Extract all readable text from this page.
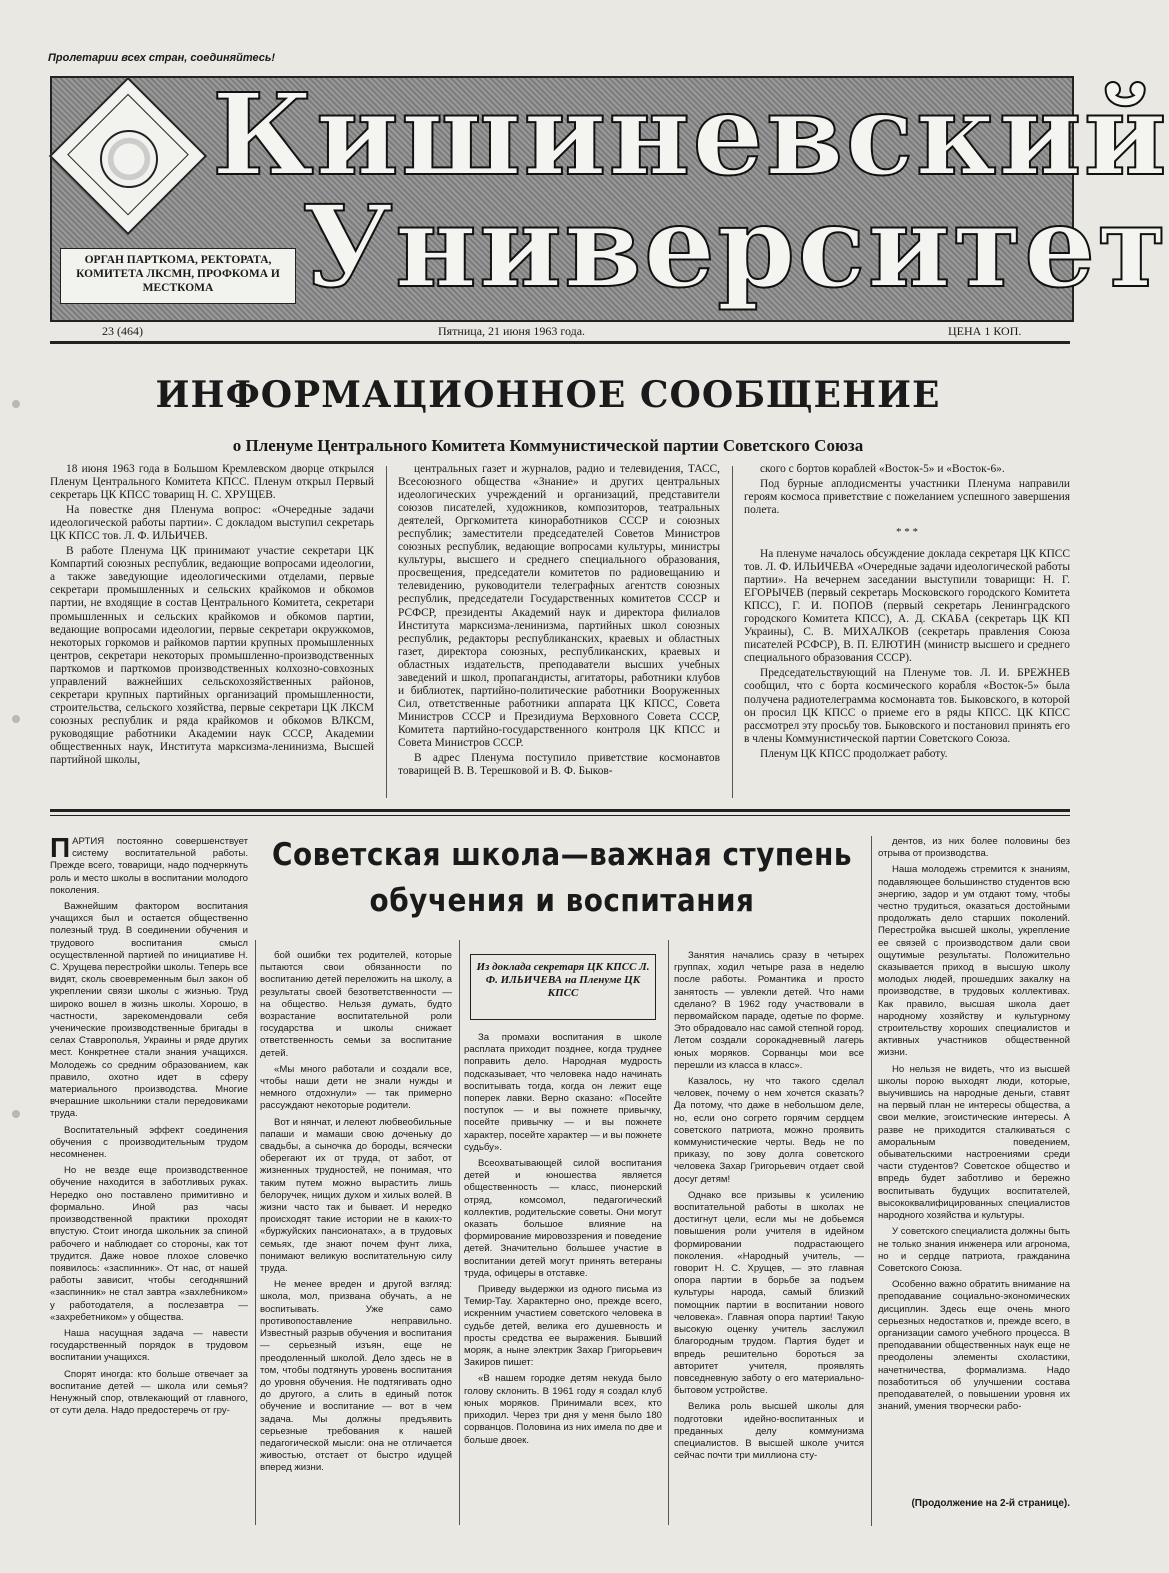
Пролетарии всех стран, соединяйтесь!
Кишиневский
Университет
ОРГАН ПАРТКОМА, РЕКТОРАТА, КОМИТЕТА ЛКСМН, ПРОФКОМА И МЕСТКОМА
23 (464)	Пятница, 21 июня 1963 года.	ЦЕНА 1 КОП.
ИНФОРМАЦИОННОЕ СООБЩЕНИЕ
о Пленуме Центрального Комитета Коммунистической партии Советского Союза

18 июня 1963 года в Большом Кремлевском дворце открылся Пленум Центрального Комитета КПСС. Пленум открыл Первый секретарь ЦК КПСС товарищ Н. С. ХРУЩЕВ.

На повестке дня Пленума вопрос: «Очередные задачи идеологической работы партии». С докладом выступил секретарь ЦК КПСС тов. Л. Ф. ИЛЬИЧЕВ.

В работе Пленума ЦК принимают участие секретари ЦК Компартий союзных республик, ведающие вопросами идеологии, а также заведующие идеологическими отделами, первые секретари промышленных и сельских крайкомов и обкомов партии, не входящие в состав Центрального Комитета, секретари промышленных и сельских крайкомов и обкомов партии, ведающие вопросами идеологии, первые секретари окружкомов, некоторых горкомов и райкомов партии крупных промышленных центров, секретари некоторых промышленно-производственных парткомов и парткомов производственных колхозно-совхозных управлений важнейших сельскохозяйственных районов, секретари крупных партийных организаций промышленности, строительства, сельского хозяйства, первые секретари ЦК ЛКСМ союзных республик и ряда крайкомов и обкомов ВЛКСМ, руководящие работники Академии наук СССР, Академии общественных наук, Института марксизма-ленинизма, Высшей партийной школы,

центральных газет и журналов, радио и телевидения, ТАСС, Всесоюзного общества «Знание» и других центральных идеологических учреждений и организаций, представители союзов писателей, художников, композиторов, театральных деятелей, Оргкомитета кинорaботников СССР и союзных республик; заместители председателей Советов Министров союзных республик, ведающие вопросами культуры, министры культуры, высшего и среднего специального образования, просвещения, председатели комитетов по радиовещанию и телевидению, руководители телеграфных агентств союзных республик, председатели Государственных комитетов СССР и РСФСР, президенты Академий наук и директора филиалов Института марксизма-ленинизма, партийных школ союзных республик, редакторы республиканских, краевых и областных газет, директора союзных, республиканских, краевых и областных издательств, преподаватели высших учебных заведений и школ, пропагандисты, агитаторы, работники клубов и библиотек, партийно-политические работники Вооруженных Сил, ответственные работники аппарата ЦК КПСС, Совета Министров СССР и Президиума Верховного Совета СССР, Комитета партийно-государственного контроля ЦК КПСС и Совета Министров СССР.

В адрес Пленума поступило приветствие космонавтов товарищей В. В. Терешковой и В. Ф. Быков-

ского с бортов кораблей «Восток-5» и «Восток-6».

Под бурные аплодисменты участники Пленума направили героям космоса приветствие с пожеланием успешного завершения полета.

* * *

На пленуме началось обсуждение доклада секретаря ЦК КПСС тов. Л. Ф. ИЛЬИЧЕВА «Очередные задачи идеологической работы партии». На вечернем заседании выступили товарищи: Н. Г. ЕГОРЫЧЕВ (первый секретарь Московского городского Комитета КПСС), Г. И. ПОПОВ (первый секретарь Ленинградского городского Комитета КПСС), А. Д. СКАБА (секретарь ЦК КП Украины), С. В. МИХАЛКОВ (секретарь правления Союза писателей РСФСР), В. П. ЕЛЮТИН (министр высшего и среднего специального образования СССР).

Председательствующий на Пленуме тов. Л. И. БРЕЖНЕВ сообщил, что с борта космического корабля «Восток-5» была получена радиотелеграмма космонавта тов. Быковского, в которой он просил ЦК КПСС о приеме его в ряды КПСС. ЦК КПСС рассмотрел эту просьбу тов. Быковского и постановил принять его в члены Коммунистической партии Советского Союза.

Пленум ЦК КПСС продолжает работу.

Советская школа—важная ступень
обучения и воспитания
П АРТИЯ постоянно совершенствует систему воспитательной работы. Прежде всего, товарищи, надо подчеркнуть роль и место школы в воспитании молодого поколения.

Важнейшим фактором воспитания учащихся был и остается общественно полезный труд. В соединении обучения и трудового воспитания смысл осуществленной партией по инициативе Н. С. Хрущева перестройки школы. Теперь все видят, сколь своевременным был закон об укреплении связи школы с жизнью. Труд широко вошел в жизнь школы. Хорошо, в частности, зарекомендовали себя ученические производственные бригады в селах Ставрополья, Украины и ряде других мест. Конкретнее стали знания учащихся. Молодежь со средним образованием, как правило, охотно идет в сферу материального производства. Многие вчерашние школьники стали передовиками труда.

Воспитательный эффект соединения обучения с производительным трудом несомненен.

Но не везде еще производственное обучение находится в заботливых руках. Нередко оно поставлено примитивно и формально. Иной раз часы производственной практики проходят впустую. Стоит иногда школьник за спиной рабочего и наблюдает со стороны, как тот трудится. Даже новое плохое словечко появилось: «заспинник». От нас, от нашей работы зависит, чтобы сегодняшний «заспинник» не стал завтра «захлебником» у работодателя, а послезавтра — «захребетником» у общества.

Наша насущная задача — навести государственный порядок в трудовом воспитании учащихся.

Спорят иногда: кто больше отвечает за воспитание детей — школа или семья? Ненужный спор, отвлекающий от главного, от сути дела. Надо предостеречь от гру-

бой ошибки тех родителей, которые пытаются свои обязанности по воспитанию детей переложить на школу, а результаты своей безответственности — на общество. Нельзя думать, будто возрастание воспитательной роли государства и школы снижает ответственность семьи за воспитание детей.

«Мы много работали и создали все, чтобы наши дети не знали нужды и немного отдохнули» — так примерно рассуждают некоторые родители.

Вот и нянчат, и лелеют любвеобильные папаши и мамаши свою доченьку до свадьбы, а сыночка до бороды, всячески оберегают их от труда, от забот, от жизненных трудностей, не понимая, что таким путем можно вырастить лишь белоручек, нищих духом и хилых волей. В жизни часто так и бывает. И нередко происходят такие истории не в каких-то «буржуйских пансионатах», а в трудовых семьях, где знают почем фунт лиха, понимают великую воспитательную силу труда.

Не менее вреден и другой взгляд: школа, мол, призвана обучать, а не воспитывать. Уже само противопоставление неправильно. Известный разрыв обучения и воспитания — серьезный изъян, еще не преодоленный школой. Дело здесь не в том, чтобы подтянуть уровень воспитания до уровня обучения. Не подтягивать одно до другого, а слить в единый поток обучение и воспитание — вот в чем задача. Мы должны предъявить серьезные требования к нашей педагогической мысли: она не отличается живостью, отстает от быстро идущей вперед жизни.

Из доклада секретаря ЦК КПСС Л. Ф. ИЛЬИЧЕВА на Пленуме ЦК КПСС

За промахи воспитания в школе расплата приходит позднее, когда труднее поправить дело. Народная мудрость подсказывает, что человека надо начинать воспитывать тогда, когда он лежит еще поперек лавки. Верно сказано: «Посейте поступок — и вы пожнете привычку, посейте привычку — и вы пожнете характер, посейте характер — и вы пожнете судьбу».

Всеохватывающей силой воспитания детей и юношества является общественность — класс, пионерский отряд, комсомол, педагогический коллектив, родительские советы. Они могут оказать большое влияние на формирование мировоззрения и поведение детей. Значительно большее участие в воспитании детей могут принять ветераны труда, офицеры в отставке.

Приведу выдержки из одного письма из Темир-Тау. Характерно оно, прежде всего, искренним участием советского человека в судьбе детей, велика его душевность и просты средства ее выражения. Бывший моряк, а ныне электрик Захар Григорьевич Закиров пишет:

«В нашем городке детям некуда было голову склонить. В 1961 году я создал клуб юных моряков. Принимали всех, кто приходил. Через три дня у меня было 180 сорванцов. Половина из них имела по две и больше двоек.

Занятия начались сразу в четырех группах, ходил четыре раза в неделю после работы. Романтика и просто занятость — увлекли детей. Что нами сделано? В 1962 году участвовали в первомайском параде, одетые по форме. Это обрадовало нас самой степной город. Летом создали сорокадневный лагерь юных моряков. Сорванцы мои все перешли из класса в класс».

Казалось, ну что такого сделал человек, почему о нем хочется сказать? Да потому, что даже в небольшом деле, но, если оно согрето горячим сердцем советского патриота, можно проявить коммунистические черты. Ведь не по приказу, по зову долга советского человека Захар Григорьевич отдает свой досуг детям!

Однако все призывы к усилению воспитательной работы в школах не достигнут цели, если мы не добьемся повышения роли учителя в идейном формировании подрастающего поколения. «Народный учитель, — говорит Н. С. Хрущев, — это главная опора партии в борьбе за подъем культуры народа, самый близкий помощник партии в воспитании нового человека». Главная опора партии! Такую высокую оценку учитель заслужил благородным трудом. Партия будет и впредь решительно бороться за авторитет учителя, проявлять повседневную заботу о его материально-бытовом устройстве.

Велика роль высшей школы для подготовки идейно-воспитанных и преданных делу коммунизма специалистов. В высшей школе учится сейчас почти три миллиона сту-

дентов, из них более половины без отрыва от производства.

Наша молодежь стремится к знаниям, подавляющее большинство студентов всю энергию, задор и ум отдают тому, чтобы честно трудиться, оказаться достойными продолжать дело старших поколений. Перестройка высшей школы, укрепление ее связей с производством дали свои ощутимые результаты. Положительно сказывается приход в высшую школу молодых людей, прошедших закалку на производстве, в трудовых коллективах. Как правило, высшая школа дает народному хозяйству и культурному строительству хороших специалистов и активных участников общественной жизни.

Но нельзя не видеть, что из высшей школы порою выходят люди, которые, выучившись на народные деньги, ставят на первый план не интересы общества, а свои мелкие, эгоистические интересы. А разве не приходится сталкиваться с аморальным поведением, обывательскими настроениями среди части студентов? Советское общество и впредь будет заботливо и бережно воспитывать будущих воспитателей, высококвалифицированных специалистов народного хозяйства и культуры.

У советского специалиста должны быть не только знания инженера или агронома, но и сердце патриота, гражданина Советского Союза.

Особенно важно обратить внимание на преподавание социально-экономических дисциплин. Здесь еще очень много серьезных недостатков и, прежде всего, в организации самого учебного процесса. В преподавании общественных наук еще не преодолены элементы схоластики, начетничества, формализма. Надо позаботиться об улучшении состава преподавателей, о повышении уровня их знаний, умения творчески рабо-

(Продолжение на 2-й странице).
